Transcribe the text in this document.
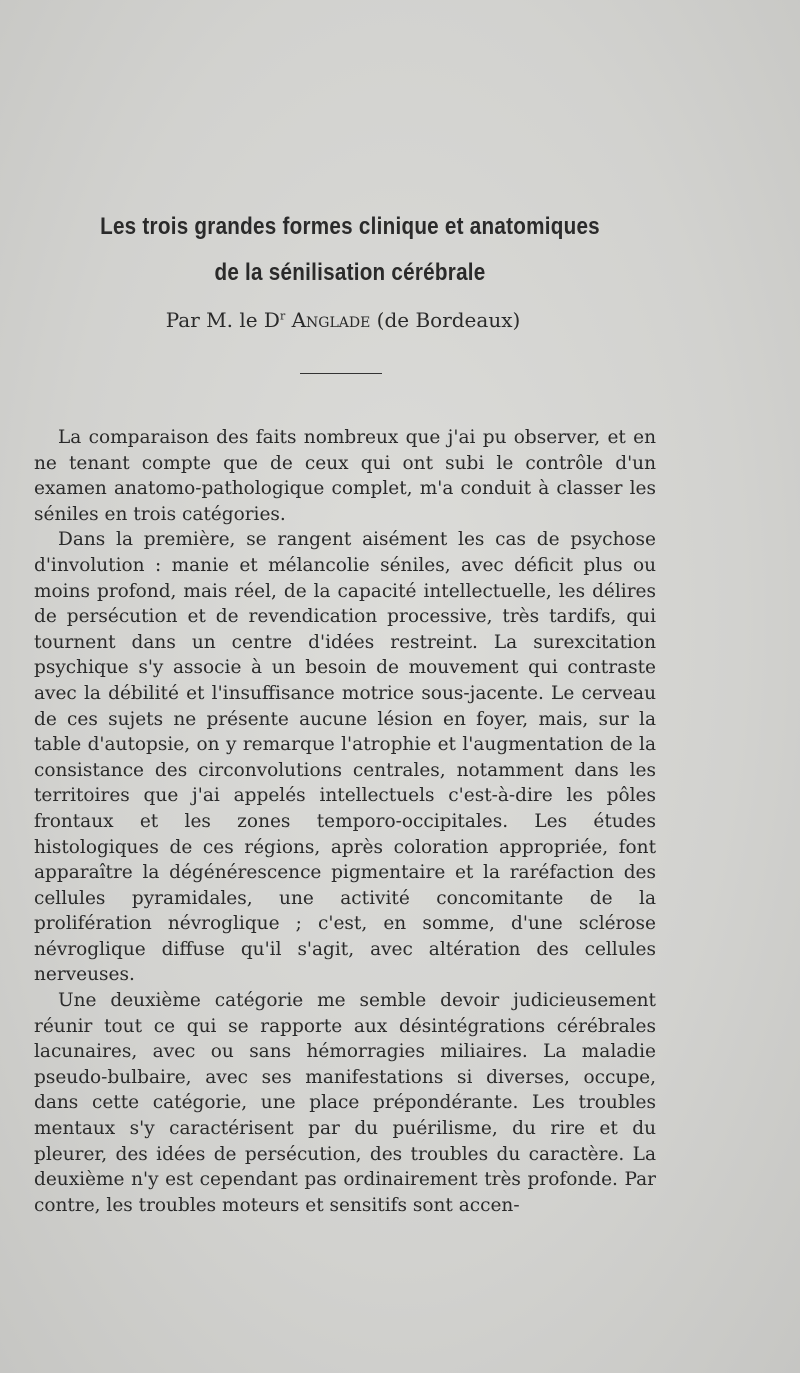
Les trois grandes formes clinique et anatomiques
de la sénilisation cérébrale
Par M. le $D^r$ Anglade (de Bordeaux)

La comparaison des faits nombreux que j'ai pu observer, et en ne tenant compte que de ceux qui ont subi le contrôle d'un examen anatomo-pathologique complet, m'a conduit à classer les séniles en trois catégories.

Dans la première, se rangent aisément les cas de psychose d'involution : manie et mélancolie séniles, avec déficit plus ou moins profond, mais réel, de la capacité intellectuelle, les délires de persécution et de revendication processive, très tardifs, qui tournent dans un centre d'idées restreint. La surexcitation psychique s'y associe à un besoin de mouvement qui contraste avec la débilité et l'insuffisance motrice sous-jacente. Le cerveau de ces sujets ne présente aucune lésion en foyer, mais, sur la table d'autopsie, on y remarque l'atrophie et l'augmentation de la consistance des circonvolutions centrales, notamment dans les territoires que j'ai appelés intellectuels c'est-à-dire les pôles frontaux et les zones temporo-occipitales. Les études histologiques de ces régions, après coloration appropriée, font apparaître la dégénérescence pigmentaire et la raréfaction des cellules pyramidales, une activité concomitante de la prolifération névroglique ; c'est, en somme, d'une sclérose névroglique diffuse qu'il s'agit, avec altération des cellules nerveuses.

Une deuxième catégorie me semble devoir judicieusement réunir tout ce qui se rapporte aux désintégrations cérébrales lacunaires, avec ou sans hémorragies miliaires. La maladie pseudo-bulbaire, avec ses manifestations si diverses, occupe, dans cette catégorie, une place prépondérante. Les troubles mentaux s'y caractérisent par du puérilisme, du rire et du pleurer, des idées de persécution, des troubles du caractère. La deuxième n'y est cependant pas ordinairement très profonde. Par contre, les troubles moteurs et sensitifs sont accen-
